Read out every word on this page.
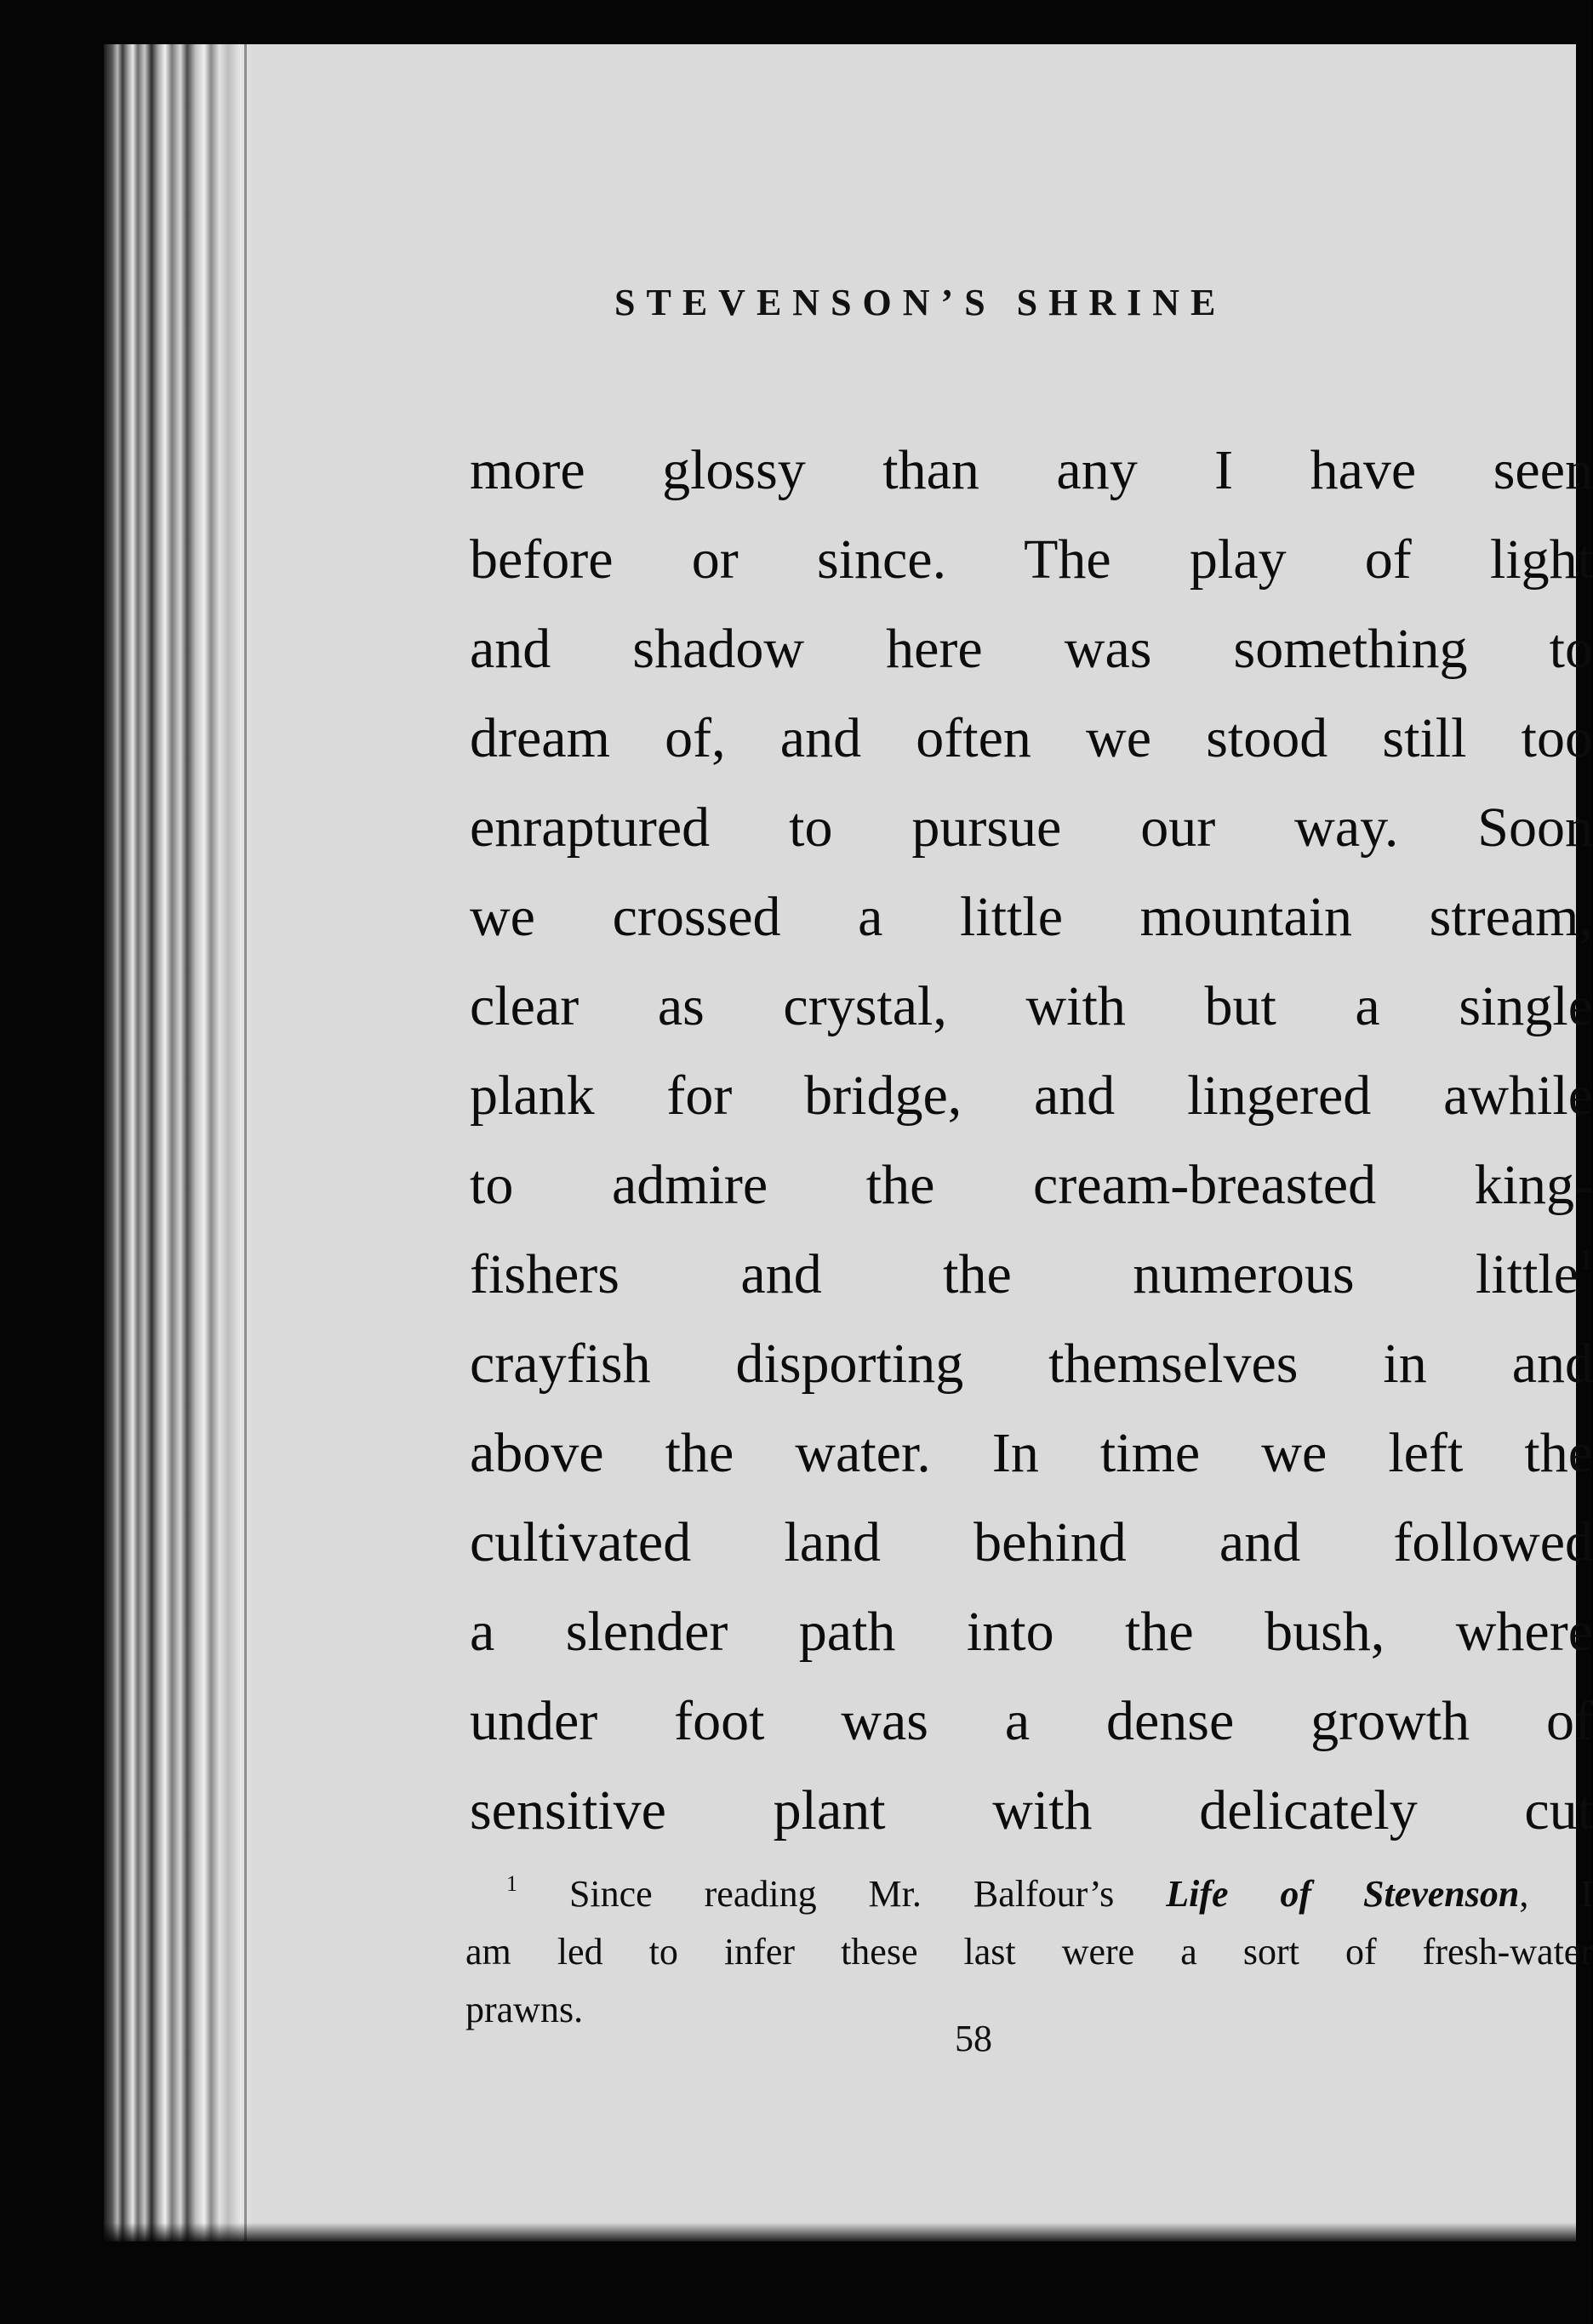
STEVENSON’S SHRINE

more glossy than any I have seen
before or since. The play of light
and shadow here was something to
dream of, and often we stood still too
enraptured to pursue our way. Soon
we crossed a little mountain stream,
clear as crystal, with but a single
plank for bridge, and lingered awhile
to admire the cream-breasted king-
fishers and the numerous little$^1$
crayfish disporting themselves in and
above the water. In time we left the
cultivated land behind and followed
a slender path into the bush, where
under foot was a dense growth of
sensitive plant with delicately cut
$^1$ Since reading Mr. Balfour’s Life of Stevenson, I
am led to infer these last were a sort of fresh-water
prawns.
58
